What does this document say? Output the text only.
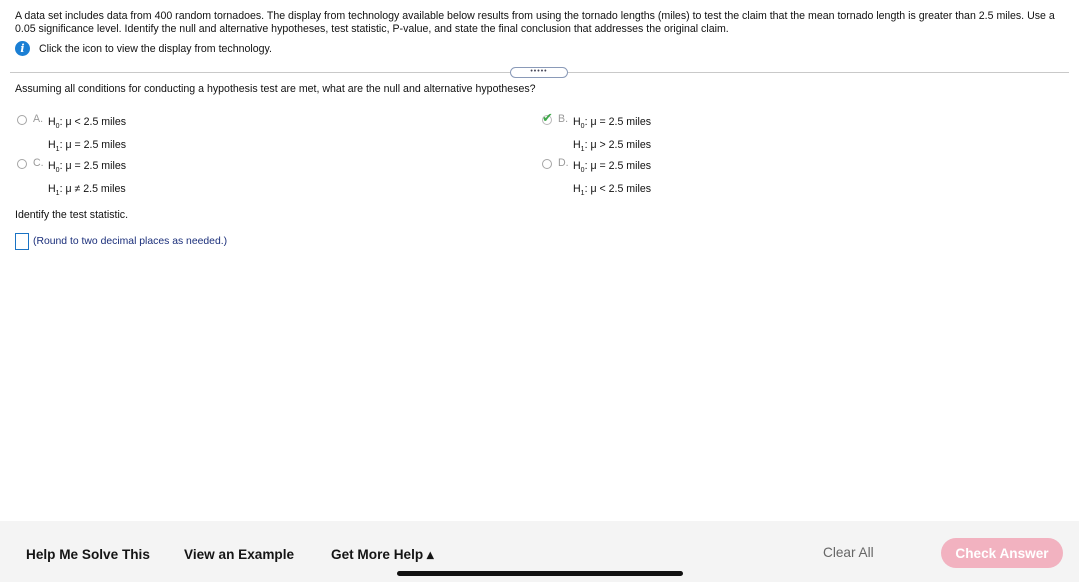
A data set includes data from 400 random tornadoes. The display from technology available below results from using the tornado lengths (miles) to test the claim that the mean tornado length is greater than 2.5 miles. Use a 0.05 significance level. Identify the null and alternative hypotheses, test statistic, P-value, and state the final conclusion that addresses the original claim.
i	Click the icon to view the display from technology.
•••••
Assuming all conditions for conducting a hypothesis test are met, what are the null and alternative hypotheses?
A. $H_0$: μ < 2.5 miles
$H_1$: μ = 2.5 miles
✔ B. $H_0$: μ = 2.5 miles
$H_1$: μ > 2.5 miles
C. $H_0$: μ = 2.5 miles
$H_1$: μ ≠ 2.5 miles
D. $H_0$: μ = 2.5 miles
$H_1$: μ < 2.5 miles
Identify the test statistic.
(Round to two decimal places as needed.)
Help Me Solve This	View an Example	Get More Help ▴	Clear All	Check Answer
